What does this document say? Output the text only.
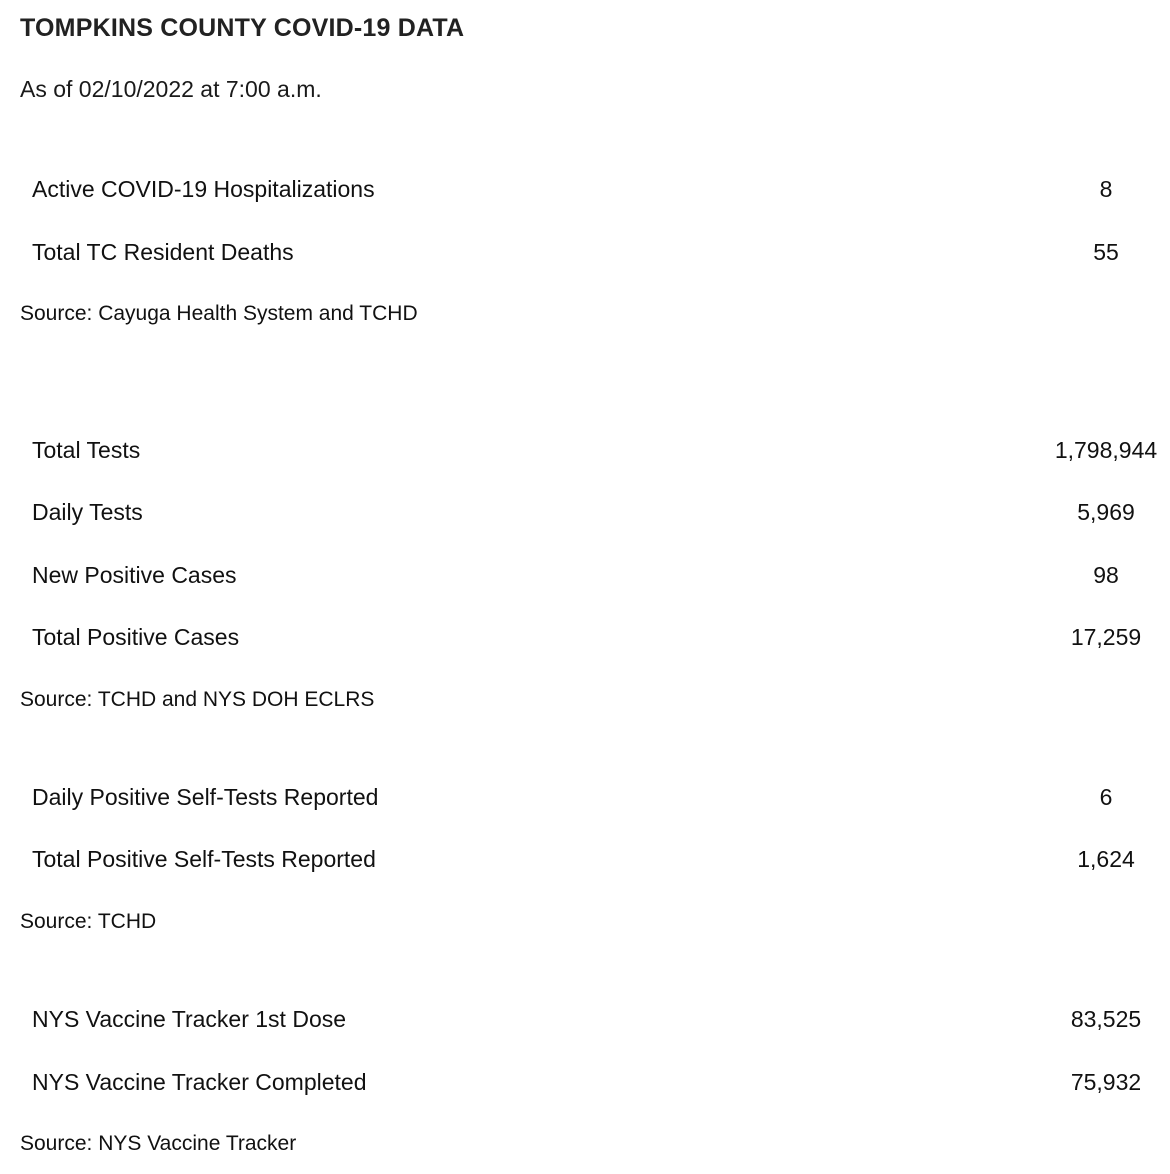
TOMPKINS COUNTY COVID-19 DATA
As of 02/10/2022 at 7:00 a.m.
Active COVID-19 Hospitalizations	8
Total TC Resident Deaths	55
Source: Cayuga Health System and TCHD
Total Tests	1,798,944
Daily Tests	5,969
New Positive Cases	98
Total Positive Cases	17,259
Source: TCHD and NYS DOH ECLRS
Daily Positive Self-Tests Reported	6
Total Positive Self-Tests Reported	1,624
Source: TCHD
NYS Vaccine Tracker 1st Dose	83,525
NYS Vaccine Tracker Completed	75,932
Source: NYS Vaccine Tracker
